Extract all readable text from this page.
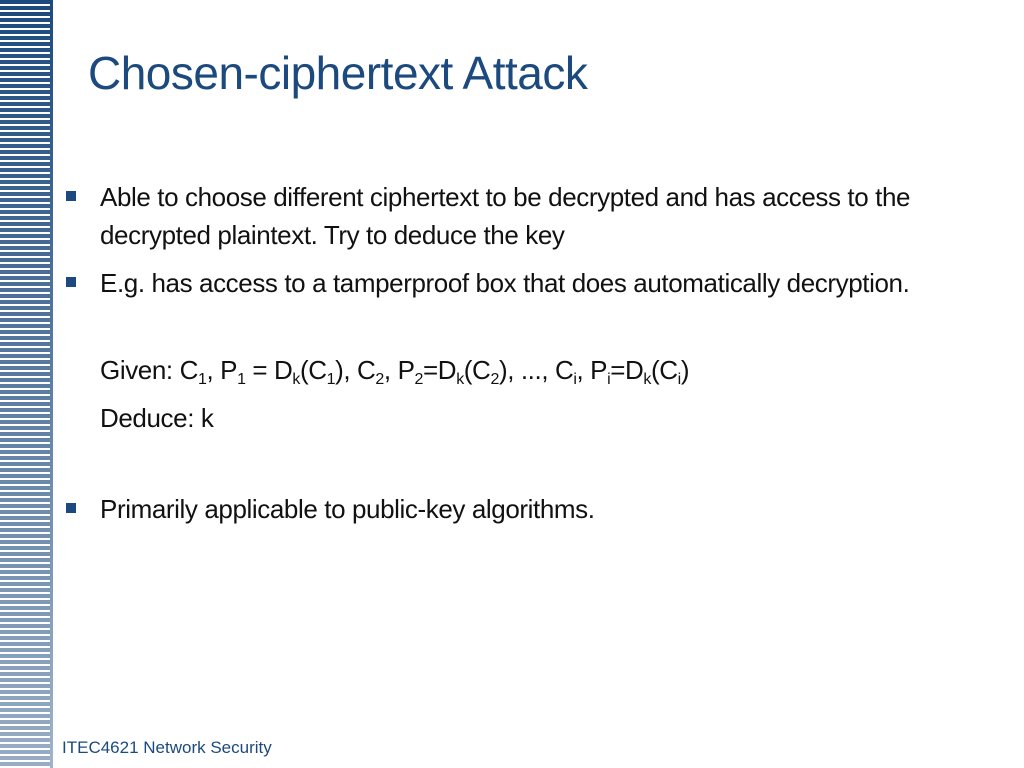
Chosen-ciphertext Attack
Able to choose different ciphertext to be decrypted and has access to the decrypted plaintext. Try to deduce the key
E.g. has access to a tamperproof box that does automatically decryption.
Given: $C_1$, $P_1 = D_k(C_1)$, $C_2$, $P_2=D_k(C_2)$, ..., $C_i$, $P_i=D_k(C_i)$
Deduce: k
Primarily applicable to public-key algorithms.
ITEC4621 Network Security
